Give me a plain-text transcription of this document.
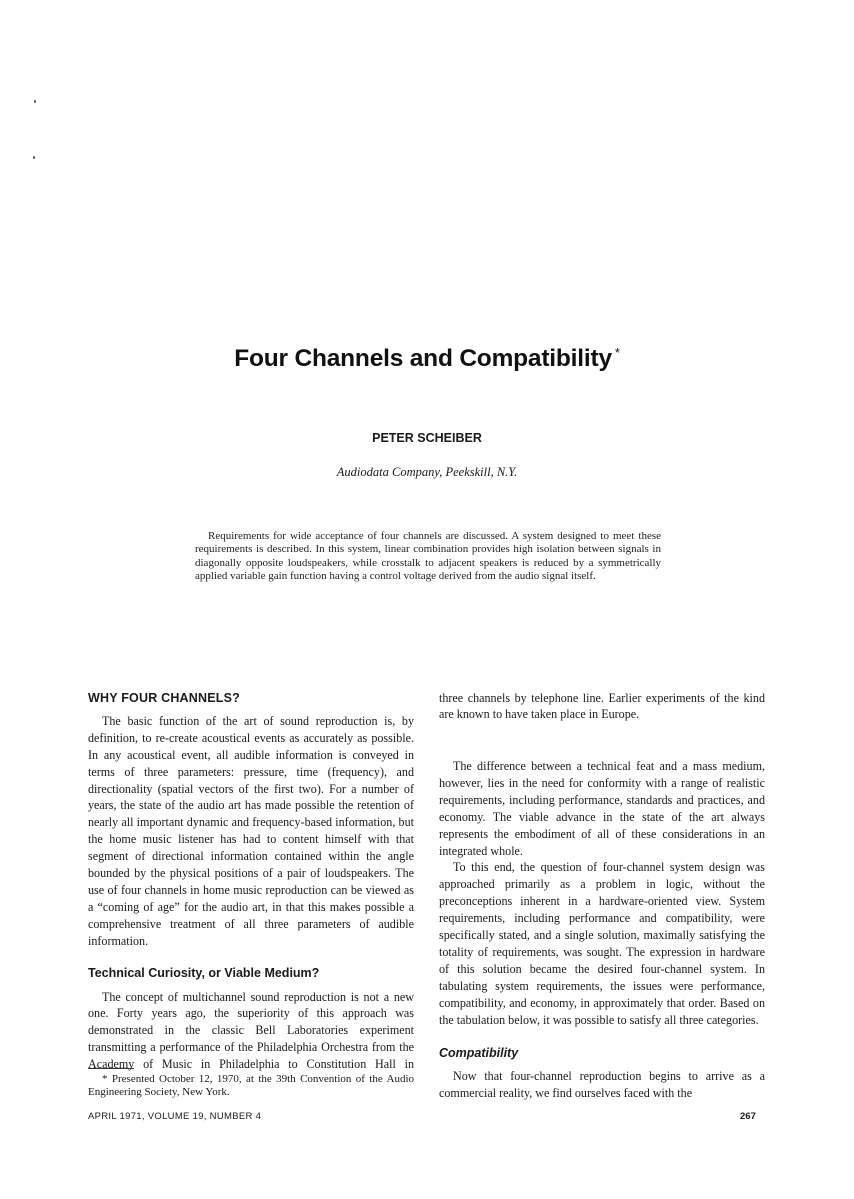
Four Channels and Compatibility *
PETER SCHEIBER
Audiodata Company, Peekskill, N.Y.

Requirements for wide acceptance of four channels are discussed. A system designed to meet these requirements is described. In this system, linear combination provides high isolation between signals in diagonally opposite loudspeakers, while crosstalk to adjacent speakers is reduced by a symmetrically applied variable gain function having a control voltage derived from the audio signal itself.

WHY FOUR CHANNELS?

The basic function of the art of sound reproduction is, by definition, to re-create acoustical events as accurately as possible. In any acoustical event, all audible information is conveyed in terms of three parameters: pressure, time (frequency), and directionality (spatial vectors of the first two). For a number of years, the state of the audio art has made possible the retention of nearly all important dynamic and frequency-based information, but the home music listener has had to content himself with that segment of directional information contained within the angle bounded by the physical positions of a pair of loudspeakers. The use of four channels in home music reproduction can be viewed as a “coming of age” for the audio art, in that this makes possible a comprehensive treatment of all three parameters of audible information.

Technical Curiosity, or Viable Medium?

The concept of multichannel sound reproduction is not a new one. Forty years ago, the superiority of this approach was demonstrated in the classic Bell Laboratories experiment transmitting a performance of the Philadelphia Orchestra from the Academy of Music in Philadelphia to Constitution Hall in

three channels by telephone line. Earlier experiments of the kind are known to have taken place in Europe.

The difference between a technical feat and a mass medium, however, lies in the need for conformity with a range of realistic requirements, including performance, standards and practices, and economy. The viable advance in the state of the art always represents the embodiment of all of these considerations in an integrated whole.

To this end, the question of four-channel system design was approached primarily as a problem in logic, without the preconceptions inherent in a hardware-oriented view. System requirements, including performance and compatibility, were specifically stated, and a single solution, maximally satisfying the totality of requirements, was sought. The expression in hardware of this solution became the desired four-channel system. In tabulating system requirements, the issues were performance, compatibility, and economy, in approximately that order. Based on the tabulation below, it was possible to satisfy all three categories.

Compatibility

Now that four-channel reproduction begins to arrive as a commercial reality, we find ourselves faced with the

* Presented October 12, 1970, at the 39th Convention of the Audio Engineering Society, New York.
APRIL 1971, VOLUME 19, NUMBER 4	267
